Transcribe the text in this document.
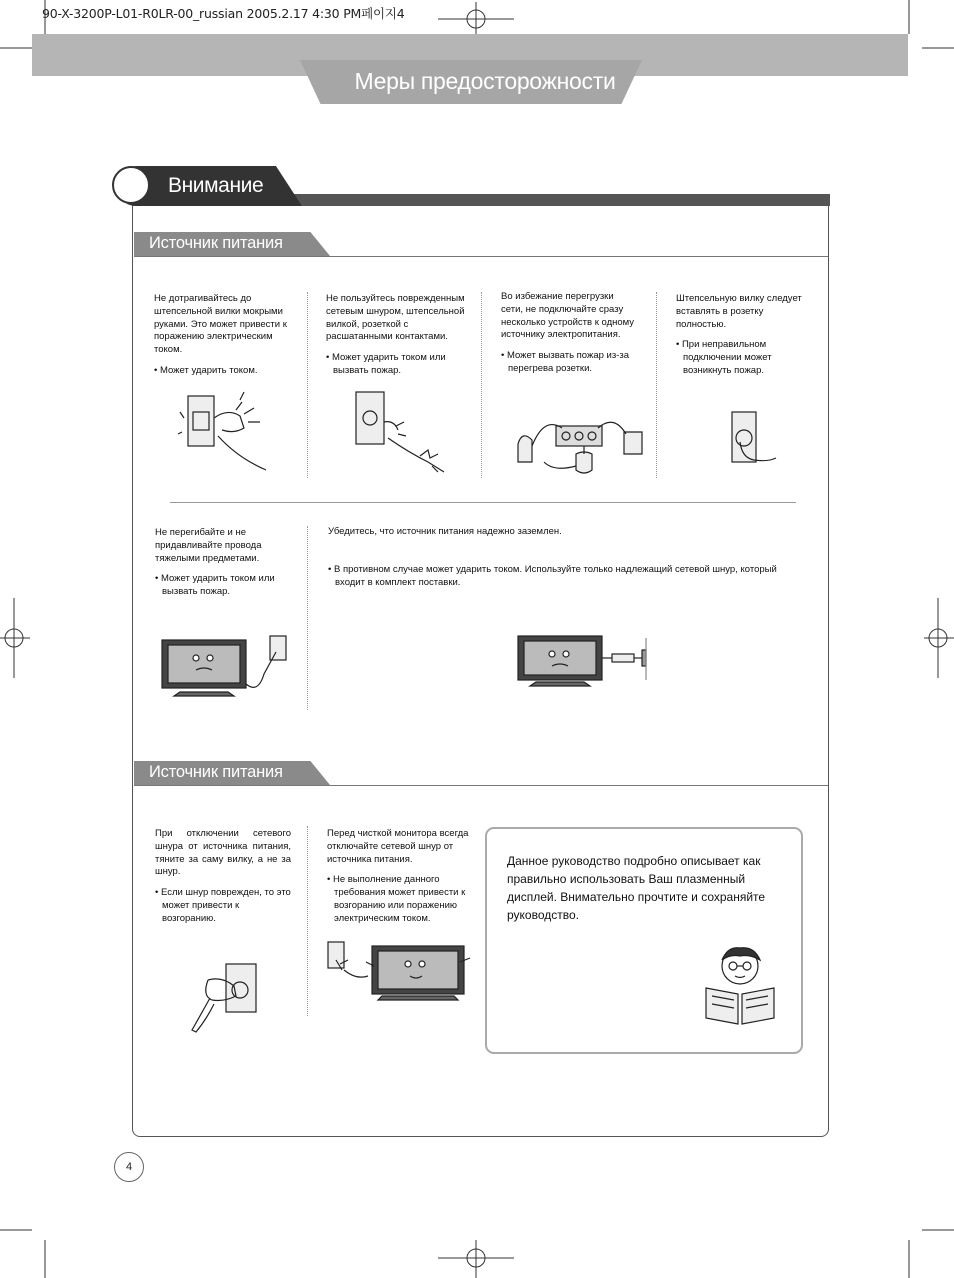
90-X-3200P-L01-R0LR-00_russian 2005.2.17 4:30 PM페이지4
Меры предосторожности
Внимание
Источник питания
Не дотрагивайтесь до штепсельной вилки мокрыми руками. Это может привести к поражению электрическим током.
• Может ударить током.
Не пользуйтесь поврежденным сетевым шнуром, штепсельной вилкой, розеткой с расшатанными контактами.
• Может ударить током или вызвать пожар.
Во избежание перегрузки сети, не подключайте сразу несколько устройств к одному источнику электропитания.
• Может вызвать пожар из-за перегрева розетки.
Штепсельную вилку следует вставлять в розетку полностью.
• При неправильном подключении может возникнуть пожар.
Не перегибайте и не придавливайте провода тяжелыми предметами.
• Может ударить током или вызвать пожар.
Убедитесь, что источник питания надежно заземлен.
• В противном случае может ударить током. Используйте только надлежащий сетевой шнур, который входит в комплект поставки.
Источник питания
При отключении сетевого шнура от источника питания, тяните за саму вилку, а не за шнур.
• Если шнур поврежден, то это может привести к возгоранию.
Перед чисткой монитора всегда отключайте сетевой шнур от источника питания.
• Не выполнение данного требования может привести к возгоранию или поражению электрическим током.
Данное руководство подробно описывает как правильно использовать Ваш плазменный дисплей. Внимательно прочтите и сохраняйте руководство.
4
